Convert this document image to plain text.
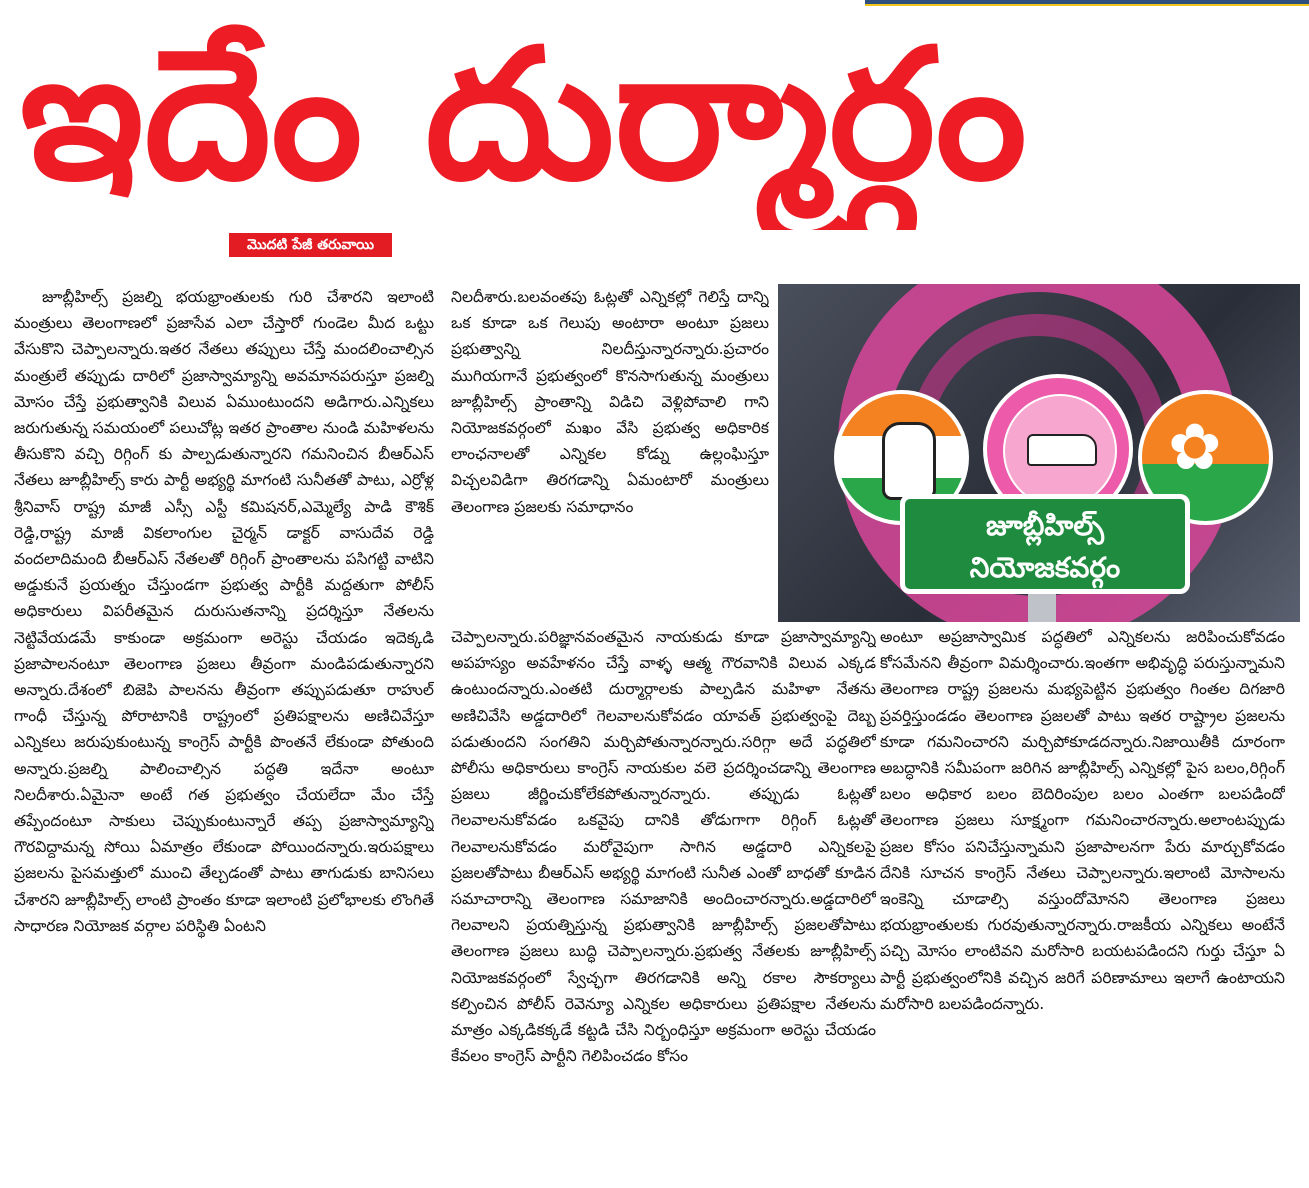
ఇదేం దుర్మార్గం
మొదటి పేజీ తరువాయి

జూబ్లీహిల్స్ ప్రజల్ని భయభ్రాంతులకు గురి చేశారని ఇలాంటి మంత్రులు తెలంగాణలో ప్రజాసేవ ఎలా చేస్తారో గుండెల మీద ఒట్టు వేసుకొని చెప్పాలన్నారు.ఇతర నేతలు తప్పులు చేస్తే మందలించాల్సిన మంత్రులే తప్పుడు దారిలో ప్రజాస్వామ్యాన్ని అవమానపరుస్తూ ప్రజల్ని మోసం చేస్తే ప్రభుత్వానికి విలువ ఏముంటుందని అడిగారు.ఎన్నికలు జరుగుతున్న సమయంలో పలుచోట్ల ఇతర ప్రాంతాల నుండి మహిళలను తీసుకొని వచ్చి రిగ్గింగ్ కు పాల్పడుతున్నారని గమనించిన బీఆర్ఎస్ నేతలు జూబ్లీహిల్స్ కారు పార్టీ అభ్యర్థి మాగంటి సునీతతో పాటు, ఎర్రోళ్ల శ్రీనివాస్ రాష్ట్ర మాజీ ఎస్సీ ఎస్టీ కమిషనర్,ఎమ్మెల్యే పాడి కౌశిక్ రెడ్డి,రాష్ట్ర మాజీ వికలాంగుల చైర్మన్ డాక్టర్ వాసుదేవ రెడ్డి వందలాదిమంది బీఆర్ఎస్ నేతలతో రిగ్గింగ్ ప్రాంతాలను పసిగట్టి వాటిని అడ్డుకునే ప్రయత్నం చేస్తుండగా ప్రభుత్వ పార్టీకి మద్దతుగా పోలీస్ అధికారులు విపరీతమైన దురుసుతనాన్ని ప్రదర్శిస్తూ నేతలను నెట్టివేయడమే కాకుండా అక్రమంగా అరెస్టు చేయడం ఇదెక్కడి ప్రజాపాలనంటూ తెలంగాణ ప్రజలు తీవ్రంగా మండిపడుతున్నారని అన్నారు.దేశంలో బిజెపి పాలనను తీవ్రంగా తప్పుపడుతూ రాహుల్ గాంధీ చేస్తున్న పోరాటానికి రాష్ట్రంలో ప్రతిపక్షాలను అణిచివేస్తూ ఎన్నికలు జరుపుకుంటున్న కాంగ్రెస్ పార్టీకి పొంతనే లేకుండా పోతుంది అన్నారు.ప్రజల్ని పాలించాల్సిన పద్ధతి ఇదేనా అంటూ నిలదీశారు.ఏమైనా అంటే గత ప్రభుత్వం చేయలేదా మేం చేస్తే తప్పేందంటూ సాకులు చెప్పుకుంటున్నారే తప్ప ప్రజాస్వామ్యాన్ని గౌరవిద్దామన్న సోయి ఏమాత్రం లేకుండా పోయిందన్నారు.ఇరుపక్షాలు ప్రజలను పైసమత్తులో ముంచి తేల్చడంతో పాటు తాగుడుకు బానిసలు చేశారని జూబ్లీహిల్స్ లాంటి ప్రాంతం కూడా ఇలాంటి ప్రలోభాలకు లొంగితే సాధారణ నియోజక వర్గాల పరిస్థితి ఏంటని

నిలదీశారు.బలవంతపు ఓట్లతో ఎన్నికల్లో గెలిస్తే దాన్ని ఒక కూడా ఒక గెలుపు అంటారా అంటూ ప్రజలు ప్రభుత్వాన్ని నిలదీస్తున్నారన్నారు.ప్రచారం ముగియగానే ప్రభుత్వంలో కొనసాగుతున్న మంత్రులు జూబ్లీహిల్స్ ప్రాంతాన్ని విడిచి వెళ్లిపోవాలి గాని నియోజకవర్గంలో మఖం వేసి ప్రభుత్వ అధికారిక లాంఛనాలతో ఎన్నికల కోడ్ను ఉల్లంఘిస్తూ విచ్చలవిడిగా తిరగడాన్ని ఏమంటారో మంత్రులు తెలంగాణ ప్రజలకు సమాధానం

✿
జూబ్లీహిల్స్
నియోజకవర్గం

చెప్పాలన్నారు.పరిజ్ఞానవంతమైన నాయకుడు కూడా ప్రజాస్వామ్యాన్ని అపహస్యం అవహేళనం చేస్తే వాళ్ళ ఆత్మ గౌరవానికి విలువ ఎక్కడ ఉంటుందన్నారు.ఎంతటి దుర్మార్గాలకు పాల్పడిన మహిళా నేతను అణిచివేసి అడ్డదారిలో గెలవాలనుకోవడం యావత్ ప్రభుత్వంపై దెబ్బ పడుతుందని సంగతిని మర్చిపోతున్నారన్నారు.సరిగ్గా అదే పద్ధతిలో పోలీసు అధికారులు కాంగ్రెస్ నాయకుల వలె ప్రదర్శించడాన్ని తెలంగాణ ప్రజలు జీర్ణించుకోలేకపోతున్నారన్నారు. తప్పుడు ఓట్లతో గెలవాలనుకోవడం ఒకవైపు దానికి తోడుగాగా రిగ్గింగ్ ఓట్లతో గెలవాలనుకోవడం మరోవైపుగా సాగిన అడ్డదారి ఎన్నికలపై ప్రజలతోపాటు బీఆర్ఎస్ అభ్యర్థి మాగంటి సునీత ఎంతో బాధతో కూడిన సమాచారాన్ని తెలంగాణ సమాజానికి అందించారన్నారు.అడ్డదారిలో గెలవాలని ప్రయత్నిస్తున్న ప్రభుత్వానికి జూబ్లీహిల్స్ ప్రజలతోపాటు తెలంగాణ ప్రజలు బుద్ధి చెప్పాలన్నారు.ప్రభుత్వ నేతలకు జూబ్లీహిల్స్ నియోజకవర్గంలో స్వేచ్ఛగా తిరగడానికి అన్ని రకాల సౌకర్యాలు కల్పించిన పోలీస్ రెవెన్యూ ఎన్నికల అధికారులు ప్రతిపక్షాల నేతలను మాత్రం ఎక్కడికక్కడే కట్టడి చేసి నిర్బంధిస్తూ అక్రమంగా అరెస్టు చేయడం కేవలం కాంగ్రెస్ పార్టీని గెలిపించడం కోసం

అంటూ అప్రజాస్వామిక పద్ధతిలో ఎన్నికలను జరిపించుకోవడం కోసమేనని తీవ్రంగా విమర్శించారు.ఇంతగా అభివృద్ధి పరుస్తున్నామని తెలంగాణ రాష్ట్ర ప్రజలను మభ్యపెట్టిన ప్రభుత్వం గింతల దిగజారి ప్రవర్తిస్తుండడం తెలంగాణ ప్రజలతో పాటు ఇతర రాష్ట్రాల ప్రజలను కూడా గమనించారని మర్చిపోకూడదన్నారు.నిజాయితీకి దూరంగా అబద్ధానికి సమీపంగా జరిగిన జూబ్లీహిల్స్ ఎన్నికల్లో పైస బలం,రిగ్గింగ్ బలం అధికార బలం బెదిరింపుల బలం ఎంతగా బలపడిందో తెలంగాణ ప్రజలు సూక్ష్మంగా గమనించారన్నారు.అలాంటప్పుడు ప్రజల కోసం పనిచేస్తున్నామని ప్రజాపాలనగా పేరు మార్చుకోవడం దేనికి సూచన కాంగ్రెస్ నేతలు చెప్పాలన్నారు.ఇలాంటి మోసాలను ఇంకెన్ని చూడాల్సి వస్తుందోమోనని తెలంగాణ ప్రజలు భయభ్రాంతులకు గురవుతున్నారన్నారు.రాజకీయ ఎన్నికలు అంటేనే పచ్చి మోసం లాంటివని మరోసారి బయటపడిందని గుర్తు చేస్తూ ఏ పార్టీ ప్రభుత్వంలోనికి వచ్చిన జరిగే పరిణామాలు ఇలాగే ఉంటాయని మరోసారి బలపడిందన్నారు.
